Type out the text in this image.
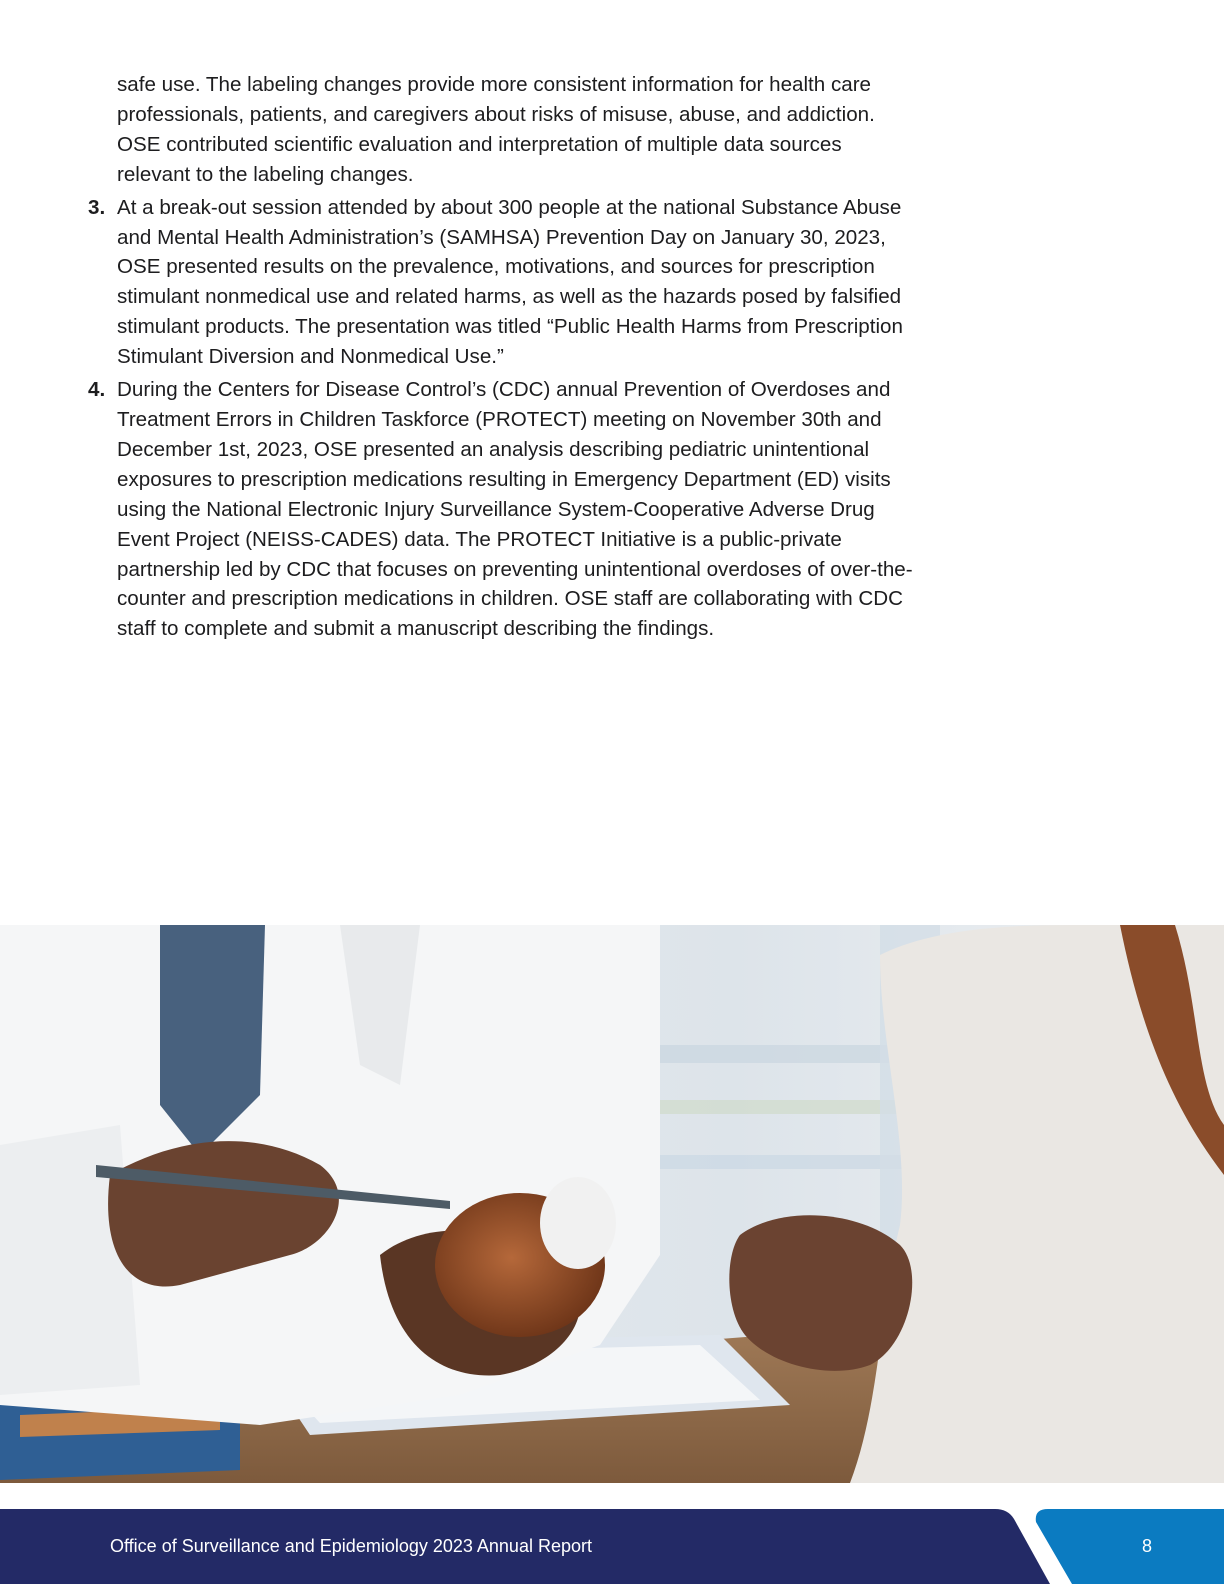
safe use. The labeling changes provide more consistent information for health care professionals, patients, and caregivers about risks of misuse, abuse, and addiction. OSE contributed scientific evaluation and interpretation of multiple data sources relevant to the labeling changes.

3. At a break-out session attended by about 300 people at the national Substance Abuse and Mental Health Administration’s (SAMHSA) Prevention Day on January 30, 2023, OSE presented results on the prevalence, motivations, and sources for prescription stimulant nonmedical use and related harms, as well as the hazards posed by falsified stimulant products. The presentation was titled “Public Health Harms from Prescription Stimulant Diversion and Nonmedical Use.”

4. During the Centers for Disease Control’s (CDC) annual Prevention of Overdoses and Treatment Errors in Children Taskforce (PROTECT) meeting on November 30th and December 1st, 2023, OSE presented an analysis describing pediatric unintentional exposures to prescription medications resulting in Emergency Department (ED) visits using the National Electronic Injury Surveillance System-Cooperative Adverse Drug Event Project (NEISS-CADES) data. The PROTECT Initiative is a public-private partnership led by CDC that focuses on preventing unintentional overdoses of over-the-counter and prescription medications in children. OSE staff are collaborating with CDC staff to complete and submit a manuscript describing the findings.

Office of Surveillance and Epidemiology 2023 Annual Report	8
